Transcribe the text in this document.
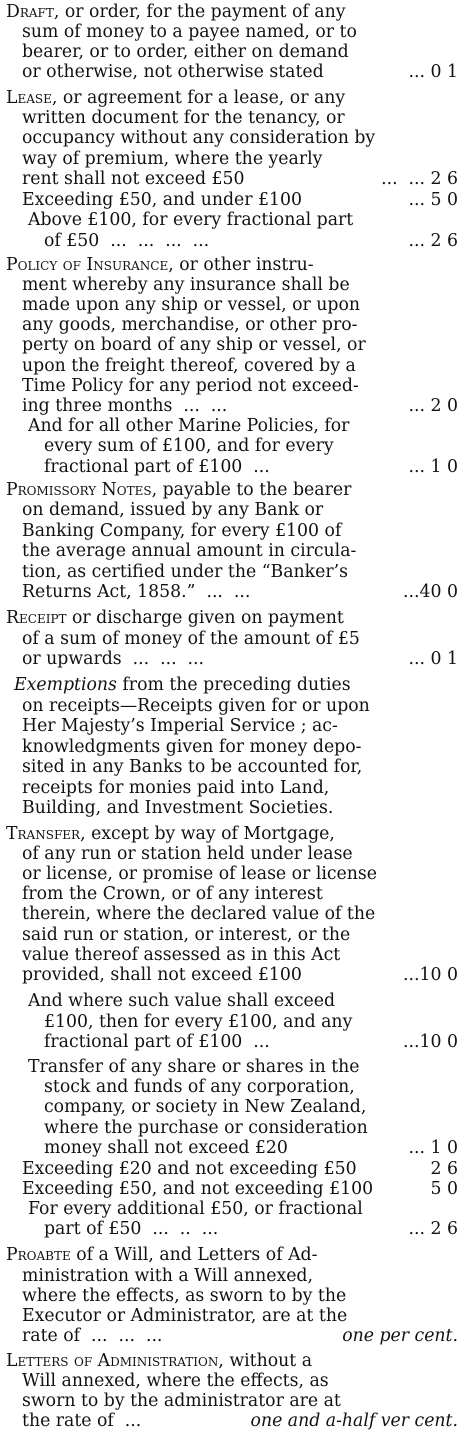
Draft, or order, for the payment of any
sum of money to a payee named, or to
bearer, or to order, either on demand
or otherwise, not otherwise stated	... 0 1
Lease, or agreement for a lease, or any
written document for the tenancy, or
occupancy without any consideration by
way of premium, where the yearly
rent shall not exceed £50	...  ... 2 6
Exceeding £50, and under £100	... 5 0
Above £100, for every fractional part
of £50  ...  ...  ...  ...	... 2 6
Policy of Insurance, or other instru-
ment whereby any insurance shall be
made upon any ship or vessel, or upon
any goods, merchandise, or other pro-
perty on board of any ship or vessel, or
upon the freight thereof, covered by a
Time Policy for any period not exceed-
ing three months  ...  ...	... 2 0
And for all other Marine Policies, for
every sum of £100, and for every
fractional part of £100  ...	... 1 0
Promissory Notes, payable to the bearer
on demand, issued by any Bank or
Banking Company, for every £100 of
the average annual amount in circula-
tion, as certified under the “Banker’s
Returns Act, 1858.”  ...  ...	...40 0
Receipt or discharge given on payment
of a sum of money of the amount of £5
or upwards  ...  ...  ...	... 0 1
Exemptions from the preceding duties
on receipts—Receipts given for or upon
Her Majesty’s Imperial Service ; ac-
knowledgments given for money depo-
sited in any Banks to be accounted for,
receipts for monies paid into Land,
Building, and Investment Societies.
Transfer, except by way of Mortgage,
of any run or station held under lease
or license, or promise of lease or license
from the Crown, or of any interest
therein, where the declared value of the
said run or station, or interest, or the
value thereof assessed as in this Act
provided, shall not exceed £100	...10 0
And where such value shall exceed
£100, then for every £100, and any
fractional part of £100  ...	...10 0
Transfer of any share or shares in the
stock and funds of any corporation,
company, or society in New Zealand,
where the purchase or consideration
money shall not exceed £20	... 1 0
Exceeding £20 and not exceeding £50	2 6
Exceeding £50, and not exceeding £100	5 0
For every additional £50, or fractional
part of £50  ...  ..  ...	... 2 6
Proabte of a Will, and Letters of Ad-
ministration with a Will annexed,
where the effects, as sworn to by the
Executor or Administrator, are at the
rate of  ...  ...  ...	one per cent.
Letters of Administration, without a
Will annexed, where the effects, as
sworn to by the administrator are at
the rate of  ...	one and a-half ver cent.
